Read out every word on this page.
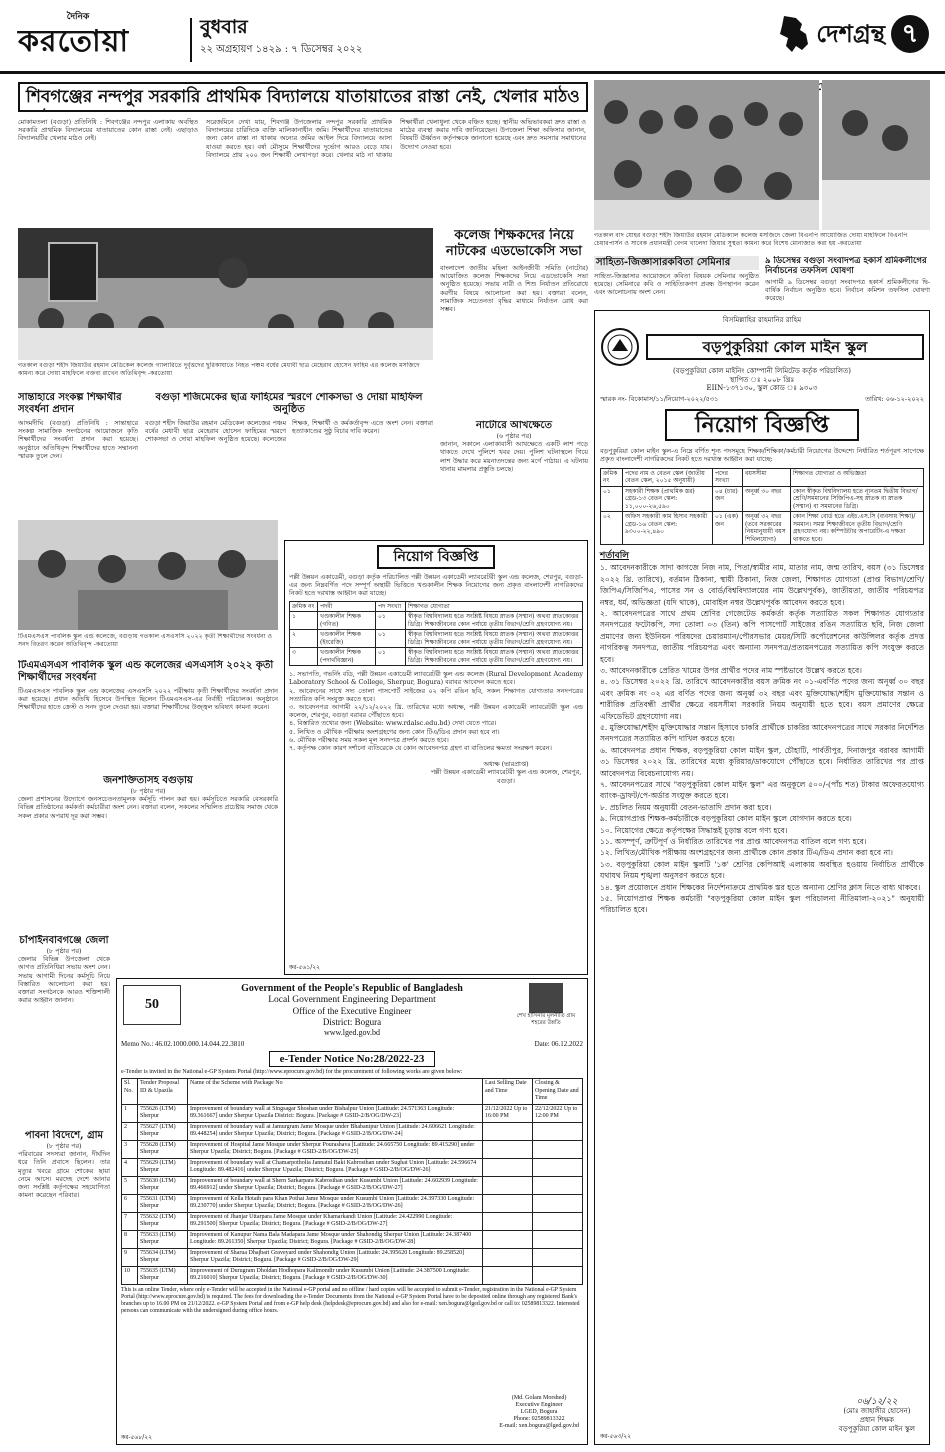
দৈনিক
করতোয়া	বুধবার
২২ অগ্রহায়ণ ১৪২৯ : ৭ ডিসেম্বর ২০২২
দেশগ্রন্থ ৭
শিবগঞ্জের নন্দপুর সরকারি প্রাথমিক বিদ্যালয়ে যাতায়াতের রাস্তা নেই, খেলার মাঠও
মোকামতলা (বগুড়া) প্রতিনিধি : শিবগঞ্জের নন্দপুর এলাকায় অবস্থিত সরকারি প্রাথমিক বিদ্যালয়ের যাতায়াতের কোন রাস্তা নেই। এছাড়াও বিদ্যালয়টির খেলার মাঠও নেই।
সরেজমিনে দেখা যায়, শিবগঞ্জ উপজেলার নন্দপুর সরকারি প্রাথমিক বিদ্যালয়ের চারিদিকে ব্যক্তি মালিকানাধীন জমি। শিক্ষার্থীদের যাতায়াতের জন্য কোন রাস্তা না থাকায় অন্যের জমির আইল দিয়ে বিদ্যালয়ে আসা যাওয়া করতে হয়। বর্ষা মৌসুমে শিক্ষার্থীদের দুর্ভোগ আরও বেড়ে যায়। বিদ্যালয়ে প্রায় ২০০ জন শিক্ষার্থী লেখাপড়া করে। খেলার মাঠ না থাকায় শিক্ষার্থীরা খেলাধুলা থেকে বঞ্চিত হচ্ছে। স্থানীয় অভিভাবকরা দ্রুত রাস্তা ও মাঠের ব্যবস্থা করার দাবি জানিয়েছেন। উপজেলা শিক্ষা অফিসার জানান, বিষয়টি ঊর্ধ্বতন কর্তৃপক্ষকে জানানো হয়েছে এবং দ্রুত সমস্যার সমাধানের উদ্যোগ নেওয়া হবে।
গতকাল বগুড়া শহীদ জিয়াউর রহমান মেডিকেল কলেজ গ্যালারিতে দুর্বৃত্তদের ছুরিকাঘাতে নিহত পঞ্চম বর্ষের মেধাবী ছাত্র মেহেরাব হোসেন ফাহিম এর কলেজ মসজিদে কামনা করে দোয়া মাহফিলে বক্তব্য রাখেন অতিথিবৃন্দ -করতোয়া
কলেজ শিক্ষকদের নিয়ে নাটকের এডভোকেসি সভা
বাংলাদেশ জাতীয় মহিলা আইনজীবী সমিতি (নাটোর) আয়োজিত কলেজ শিক্ষকদের নিয়ে এডভোকেসি সভা অনুষ্ঠিত হয়েছে। সভায় নারী ও শিশু নির্যাতন প্রতিরোধে করণীয় বিষয়ে আলোচনা করা হয়। বক্তারা বলেন, সামাজিক সচেতনতা বৃদ্ধির মাধ্যমে নির্যাতন রোধ করা সম্ভব।
সান্তাহারে সংকল্প শিক্ষার্থীর সংবর্ধনা প্রদান
আদমদীঘি (বগুড়া) প্রতিনিধি : সান্তাহারে সংকল্প সামাজিক সংগঠনের আয়োজনে কৃতি শিক্ষার্থীদের সংবর্ধনা প্রদান করা হয়েছে। অনুষ্ঠানে অতিথিবৃন্দ শিক্ষার্থীদের হাতে সম্মাননা স্মারক তুলে দেন।
বগুড়া শজিমেকের ছাত্র ফাহিমের স্মরণে শোকসভা ও দোয়া মাহফিল অনুষ্ঠিত
বগুড়া শহীদ জিয়াউর রহমান মেডিকেল কলেজের পঞ্চম বর্ষের মেধাবী ছাত্র মেহেরাব হোসেন ফাহিমের স্মরণে শোকসভা ও দোয়া মাহফিল অনুষ্ঠিত হয়েছে। কলেজের শিক্ষক, শিক্ষার্থী ও কর্মকর্তাবৃন্দ এতে অংশ নেন। বক্তারা হত্যাকাণ্ডের সুষ্ঠু বিচার দাবি করেন।
নাটোরে আখক্ষেতে
(৬ পৃষ্ঠার পর)
জানান, সকালে এলাকাবাসী আখক্ষেতে একটি লাশ পড়ে থাকতে দেখে পুলিশে খবর দেয়। পুলিশ ঘটনাস্থলে গিয়ে লাশ উদ্ধার করে ময়নাতদন্তের জন্য মর্গে পাঠায়। এ ঘটনায় থানায় মামলার প্রস্তুতি চলছে।
টিএমএসএস পাবলিক স্কুল এন্ড কলেজে, বগুড়ায় গতকাল এসএসসি ২০২২ কৃতী শিক্ষার্থীদের সংবর্ধনা ও সনদ বিতরণ করেন অতিথিবৃন্দ -করতোয়া
টিএমএসএস পাবলিক স্কুল এন্ড কলেজের এসএসসি ২০২২ কৃতী শিক্ষার্থীদের সংবর্ধনা
টিএমএসএস পাবলিক স্কুল এন্ড কলেজের এসএসসি ২০২২ পরীক্ষায় কৃতী শিক্ষার্থীদের সংবর্ধনা প্রদান করা হয়েছে। প্রধান অতিথি হিসেবে উপস্থিত ছিলেন টিএমএসএস-এর নির্বাহী পরিচালক। অনুষ্ঠানে শিক্ষার্থীদের হাতে ক্রেস্ট ও সনদ তুলে দেওয়া হয়। বক্তারা শিক্ষার্থীদের উজ্জ্বল ভবিষ্যৎ কামনা করেন।
জনশক্তিতাসহ বগুড়ায়
(৮ পৃষ্ঠার পর)
জেলা প্রশাসনের উদ্যোগে জনসচেতনতামূলক কর্মসূচি পালন করা হয়। কর্মসূচিতে সরকারি বেসরকারি বিভিন্ন প্রতিষ্ঠানের কর্মকর্তা কর্মচারীরা অংশ নেন। বক্তারা বলেন, সকলের সম্মিলিত প্রচেষ্টায় সমাজ থেকে সকল প্রকার অপরাধ দূর করা সম্ভব।
চাঁপাইনবাবগঞ্জে জেলা
(৮ পৃষ্ঠার পর)
জেলার বিভিন্ন উপজেলা থেকে আগত প্রতিনিধিরা সভায় অংশ নেন। সভায় আগামী দিনের কর্মসূচি নিয়ে বিস্তারিত আলোচনা করা হয়। বক্তারা সংগঠনকে আরও শক্তিশালী করার আহ্বান জানান।
পাবনা বিদেশে, গ্রাম
(৮ পৃষ্ঠার পর)
পরিবারের সদস্যরা জানান, দীর্ঘদিন ধরে তিনি প্রবাসে ছিলেন। তার মৃত্যুর খবরে গ্রামে শোকের ছায়া নেমে আসে। মরদেহ দেশে আনার জন্য সংশ্লিষ্ট কর্তৃপক্ষের সহযোগিতা কামনা করেছেন পরিবার।
নিয়োগ বিজ্ঞপ্তি
পল্লী উন্নয়ন একাডেমী, বগুড়া কর্তৃক পরিচালিত পল্লী উন্নয়ন একাডেমী ল্যাবরেটরী স্কুল এন্ড কলেজ, শেরপুর, বগুড়া-এর জন্য নিম্নবর্ণিত পদে সম্পূর্ণ অস্থায়ী ভিত্তিতে খণ্ডকালীন শিক্ষক নিয়োগের জন্য প্রকৃত বাংলাদেশী নাগরিকদের নিকট হতে দরখাস্ত আহ্বান করা যাচ্ছে।
ক্রমিক নং	পদবী	পদ সংখ্যা	শিক্ষাগত যোগ্যতা
১	খণ্ডকালীন শিক্ষক (গণিত)	০১	স্বীকৃত বিশ্ববিদ্যালয় হতে সংশ্লিষ্ট বিষয়ে স্নাতক (সম্মান) অথবা স্নাতকোত্তর ডিগ্রি। শিক্ষাজীবনের কোন পর্যায়ে তৃতীয় বিভাগ/শ্রেণি গ্রহণযোগ্য নয়।
২	খণ্ডকালীন শিক্ষক (ইংরেজি)	০১	স্বীকৃত বিশ্ববিদ্যালয় হতে সংশ্লিষ্ট বিষয়ে স্নাতক (সম্মান) অথবা স্নাতকোত্তর ডিগ্রি। শিক্ষাজীবনের কোন পর্যায়ে তৃতীয় বিভাগ/শ্রেণি গ্রহণযোগ্য নয়।
৩	খণ্ডকালীন শিক্ষক (পদার্থবিজ্ঞান)	০১	স্বীকৃত বিশ্ববিদ্যালয় হতে সংশ্লিষ্ট বিষয়ে স্নাতক (সম্মান) অথবা স্নাতকোত্তর ডিগ্রি। শিক্ষাজীবনের কোন পর্যায়ে তৃতীয় বিভাগ/শ্রেণি গ্রহণযোগ্য নয়।
১. সভাপতি, গভর্নিং বডি, পল্লী উন্নয়ন একাডেমী ল্যাবরেটরী স্কুল এন্ড কলেজ (Rural Development Academy Laboratory School & College, Sherpur, Bogura) বরাবর আবেদন করতে হবে।
২. আবেদনের সাথে সদ্য তোলা পাসপোর্ট সাইজের ০২ কপি রঙিন ছবি, সকল শিক্ষাগত যোগ্যতার সনদপত্রের সত্যায়িত কপি সংযুক্ত করতে হবে।
৩. আবেদনপত্র আগামী ২২/১২/২০২২ খ্রি. তারিখের মধ্যে অধ্যক্ষ, পল্লী উন্নয়ন একাডেমী ল্যাবরেটরী স্কুল এন্ড কলেজ, শেরপুর, বগুড়া বরাবর পৌঁছাতে হবে।
৪. বিস্তারিত তথ্যের জন্য (Website: www.rdalsc.edu.bd) দেখা যেতে পারে।
৫. লিখিত ও মৌখিক পরীক্ষায় অংশগ্রহণের জন্য কোন টিএ/ডিএ প্রদান করা হবে না।
৬. মৌখিক পরীক্ষার সময় সকল মূল সনদপত্র প্রদর্শন করতে হবে।
৭. কর্তৃপক্ষ কোন কারণ দর্শানো ব্যতিরেকে যে কোন আবেদনপত্র গ্রহণ বা বাতিলের ক্ষমতা সংরক্ষণ করেন।
অধ্যক্ষ (ভারপ্রাপ্ত)
পল্লী উন্নয়ন একাডেমী ল্যাবরেটরী স্কুল এন্ড কলেজ, শেরপুর, বগুড়া।
কর-৫৬১/২২
50
শেখ হাসিনার মূলনীতি গ্রাম শহরের উন্নতি
Government of the People's Republic of Bangladesh
Local Government Engineering Department
Office of the Executive Engineer
District: Bogura
www.lged.gov.bd
Memo No.: 46.02.1000.000.14.044.22.3810	Date: 06.12.2022
e-Tender Notice No:28/2022-23
e-Tender is invited in the National e-GP System Portal (http://www.eprocure.gov.bd) for the procurement of following works are given below:
Sl. No.	Tender Proposal ID & Upazila	Name of the Scheme with Package No	Last Selling Date and Time	Closing & Opening Date and Time
1	755626 (LTM) Sherpur	Improvement of boundary wall at Singsagar Shoshan under Bishalpur Union [Latitude: 24.571363 Longitude: 89.361667] under Sherpur Upazila District: Bogura. [Package # GSID-2/B/OG/DW-23]	21/12/2022 Up to 16:00 PM	22/12/2022 Up to 12:00 PM
2	755627 (LTM) Sherpur	Improvement of boundary wall at Jamurgram Jame Mosque under Bhabanipur Union [Latitude: 24.606621 Longitude: 89.448254] under Sherpur Upazila; District; Bogura. [Package # GSID-2/B/OG/DW-24]		
3	755628 (LTM) Sherpur	Improvement of Hospital Jame Mosque under Sherpur Pourashava [Latitude: 24.665750 Longitude: 89.415290] under Sherpur Upazila; District; Bogura. [Package # GSID-2/B/OG/DW-25]		
4	755629 (LTM) Sherpur	Improvement of boundary wall at Chamarpotholia Jannatul Baki Kabrosthan under Sughat Union [Latitude: 24.596674 Longitude: 89.482416] under Sherpur Upazila; District; Bogura. [Package # GSID-2/B/OG/DW-26]		
5	755630 (LTM) Sherpur	Improvement of boundary wall at Shern Sarkarpara Kabrosthan under Kusumbi Union [Latitude: 24.602939 Longitude: 89.466912] under Sherpur Upazila; District; Bogura. [Package # GSID-2/B/OG/DW-27]		
6	755631 (LTM) Sherpur	Improvement of Kella Hotath para Khan Pothai Jame Mosque under Kusumbi Union [Latitude: 24.397330 Longitude: 89.230770] under Sherpur Upazila; District; Bogura. [Package # GSID-2/B/OG/DW-26]		
7	755632 (LTM) Sherpur	Improvement of Jhanjar Uttarpara Jame Mosque under Khamarkandi Union [Latitude: 24.422990 Longitude: 89.291500] Sherpur Upazila; District; Bogura. [Package # GSID-2/B/OG/DW-27]		
8	755633 (LTM) Sherpur	Improvement of Kanupur Nama Bala Madapara Jame Mosque under Shahondig Sherpur Union [Latitude: 24.387400 Longitude: 89.261350] Sherpur Upazila; District; Bogura. [Package # GSID-2/B/OG/DW-28]		
9	755634 (LTM) Sherpur	Improvement of Sharua Dhajbari Graveyard under Shahondig Union [Latitude: 24.395620 Longitude: 89.258520] Sherpur Upazila; District; Bogura. [Package # GSID-2/B/OG/DW-29]		
10	755635 (LTM) Sherpur	Improvement of Durugram Dholdan Hodhopara Kalimondir under Kusumbi Union [Latitude: 24.387500 Longitude: 89.216010] Sherpur Upazila; District; Bogura. [Package # GSID-2/B/OG/DW-30]		
This is an online Tender, where only e-Tender will be accepted in the National e-GP portal and no offline / hard copies will be accepted to submit e-Tender, registration in the National e-GP System Portal (http://www.eprocure.gov.bd) is required. The fees for downloading the e-Tender Documents from the National e-GP System Portal have to be deposited online through any registered Bank's branches up to 16.00 PM on 21/12/2022. e-GP System Portal and from e-GP help desk (helpdesk@eprocure.gov.bd) and also for e-mail: xen.bogura@lged.gov.bd or call to: 02589813322. Interested persons can communicate with the undersigned during office hours.
(Md. Golam Morshed)
Executive Engineer
LGED, Bogura
Phone: 02589813322
E-mail: xen.bogura@lged.gov.bd
কর-৫৬৮/২২
গতকাল বাদ যোহর বগুড়া শহীদ জিয়াউর রহমান মেডিক্যাল কলেজ মসজিদে জেলা বিএনপি আয়োজিত দোয়া মাহফিলে বিএনপি চেয়ারপার্সন ও সাবেক প্রধানমন্ত্রী বেগম খালেদা জিয়ার সুস্থতা কামনা করে বিশেষ মোনাজাত করা হয় -করতোয়া
সাহিত্য-জিজ্ঞাসারকবিতা সেমিনার
সাহিত্য-জিজ্ঞাসার আয়োজনে কবিতা বিষয়ক সেমিনার অনুষ্ঠিত হয়েছে। সেমিনারে কবি ও সাহিত্যিকগণ প্রবন্ধ উপস্থাপন করেন এবং আলোচনায় অংশ নেন।
৯ ডিসেম্বর বগুড়া সংবাদপত্র হকার্স শ্রমিকলীগের নির্বাচনের তফসিল ঘোষণা
আগামী ৯ ডিসেম্বর বগুড়া সংবাদপত্র হকার্স শ্রমিকলীগের দ্বি-বার্ষিক নির্বাচন অনুষ্ঠিত হবে। নির্বাচন কমিশন তফসিল ঘোষণা করেছে।
বিসমিল্লাহির রাহমানির রাহিম
বড়পুকুরিয়া কোল মাইন স্কুল
(বড়পুকুরিয়া কোল মাইনিং কোম্পানী লিমিটেড কর্তৃক পরিচালিত)
স্থাপিত ঃ ২০০৮ খ্রিঃ
EIIN-১৩৭১৩০, স্কুল কোড ঃ ৯৩০৩
স্মারক নং- বিকোমাস/১১/নিয়োগ-২০২২/৫৩১	তারিখ: ০৬-১২-২০২২
নিয়োগ বিজ্ঞপ্তি
বড়পুকুরিয়া কোল মাইন স্কুল-এ নিম্নে বর্ণিত শূন্য পদসমূহে শিক্ষক/শিক্ষিকা/কর্মচারী নিয়োগের উদ্দেশ্যে নির্ধারিত শর্তপূরণ সাপেক্ষে প্রকৃত বাংলাদেশী নাগরিকদের নিকট হতে দরখাস্ত আহ্বান করা যাচ্ছে:
ক্রমিক নং	পদের নাম ও বেতন স্কেল (জাতীয় বেতন স্কেল, ২০১৫ অনুযায়ী)	পদের সংখ্যা	বয়সসীমা	শিক্ষাগত যোগ্যতা ও অভিজ্ঞতা
০১	সহকারী শিক্ষক (প্রাথমিক স্তর) গ্রেড-১৩ বেতন স্কেল: ১১,০০০-২৬,৫৯০	০৪ (চার) জন	অনূর্ধ্ব ৩০ বছর	কোন স্বীকৃত বিশ্ববিদ্যালয় হতে ন্যূনতম দ্বিতীয় বিভাগ/শ্রেণি/সমমানের সিজিপিএ-সহ স্নাতক বা স্নাতক (সম্মান) বা সমমানের ডিগ্রি।
০২	অফিস সহকারী কাম হিসাব সহকারী গ্রেড-১৬ বেতন স্কেল: ৯৩০০-২২,৪৯০	০১ (এক) জন	অনূর্ধ্ব ৩২ বছর (তবে সরকারের নিয়মানুযায়ী বয়স শিথিলযোগ্য)	কোন শিক্ষা বোর্ড হতে এইচ.এস.সি (ব্যবসায় শিক্ষা)/সমমান। সমস্ত শিক্ষাজীবনে তৃতীয় বিভাগ/শ্রেণি গ্রহণযোগ্য নয়। কম্পিউটার অপারেটিং-এ দক্ষতা থাকতে হবে।
শর্তাবলি
১. আবেদনকারীকে সাদা কাগজে নিজ নাম, পিতা/স্বামীর নাম, মাতার নাম, জন্ম তারিখ, বয়স (৩১ ডিসেম্বর ২০২২ খ্রি. তারিখে), বর্তমান ঠিকানা, স্থায়ী ঠিকানা, নিজ জেলা, শিক্ষাগত যোগ্যতা (প্রাপ্ত বিভাগ/শ্রেণি/জিপিএ/সিজিপিএ, পাসের সন ও বোর্ড/বিশ্ববিদ্যালয়ের নাম উল্লেখপূর্বক), জাতীয়তা, জাতীয় পরিচয়পত্র নম্বর, ধর্ম, অভিজ্ঞতা (যদি থাকে), মোবাইল নম্বর উল্লেখপূর্বক আবেদন করতে হবে।
২. আবেদনপত্রের সাথে প্রথম শ্রেণির গেজেটেড কর্মকর্তা কর্তৃক সত্যায়িত সকল শিক্ষাগত যোগ্যতার সনদপত্রের ফটোকপি, সদ্য তোলা ০৩ (তিন) কপি পাসপোর্ট সাইজের রঙিন সত্যায়িত ছবি, নিজ জেলা প্রমাণের জন্য ইউনিয়ন পরিষদের চেয়ারম্যান/পৌরসভার মেয়র/সিটি কর্পোরেশনের কাউন্সিলর কর্তৃক প্রদত্ত নাগরিকত্ব সনদপত্র, জাতীয় পরিচয়পত্র এবং অন্যান্য সনদপত্র/প্রত্যয়নপত্রের সত্যায়িত কপি সংযুক্ত করতে হবে।
৩. আবেদনকারীকে প্রেরিত খামের উপর প্রার্থীর পদের নাম স্পষ্টভাবে উল্লেখ করতে হবে।
৪. ৩১ ডিসেম্বর ২০২২ খ্রি. তারিখে আবেদনকারীর বয়স ক্রমিক নং ০১-এবর্ণিত পদের জন্য অনূর্ধ্ব ৩০ বছর এবং ক্রমিক নং ০২ এর বর্ণিত পদের জন্য অনূর্ধ্ব ৩২ বছর এবং মুক্তিযোদ্ধা/শহীদ মুক্তিযোদ্ধার সন্তান ও শারীরিক প্রতিবন্ধী প্রার্থীর ক্ষেত্রে বয়সসীমা সরকারি নিয়ম অনুযায়ী হতে হবে। বয়স প্রমাণের ক্ষেত্রে এফিডেভিট গ্রহণযোগ্য নয়।
৫. মুক্তিযোদ্ধা/শহীদ মুক্তিযোদ্ধার সন্তান হিসাবে চাকরি প্রার্থীকে চাকরির আবেদনপত্রের সাথে সরকার নির্দেশিত সনদপত্রের সত্যায়িত কপি দাখিল করতে হবে।
৬. আবেদনপত্র প্রধান শিক্ষক, বড়পুকুরিয়া কোল মাইন স্কুল, চৌহাটি, পার্বতীপুর, দিনাজপুর বরাবর আগামী ৩১ ডিসেম্বর ২০২২ খ্রি. তারিখের মধ্যে কুরিয়ার/ডাকযোগে পৌঁছাতে হবে। নির্ধারিত তারিখের পর প্রাপ্ত আবেদনপত্র বিবেচনাযোগ্য নয়।
৭. আবেদনপত্রের সাথে "বড়পুকুরিয়া কোল মাইন স্কুল" এর অনুকূলে ৫০০/-(পাঁচ শত) টাকার অফেরতযোগ্য ব্যাংক-ড্রাফট/পে-অর্ডার সংযুক্ত করতে হবে।
৮. প্রচলিত নিয়ম অনুযায়ী বেতন-ভাতাদি প্রদান করা হবে।
৯. নিয়োগপ্রাপ্ত শিক্ষক-কর্মচারীকে বড়পুকুরিয়া কোল মাইন স্কুলে যোগদান করতে হবে।
১০. নিয়োগের ক্ষেত্রে কর্তৃপক্ষের সিদ্ধান্তই চূড়ান্ত বলে গণ্য হবে।
১১. অসম্পূর্ণ, ত্রুটিপূর্ণ ও নির্ধারিত তারিখের পর প্রাপ্ত আবেদনপত্র বাতিল বলে গণ্য হবে।
১২. লিখিত/মৌখিক পরীক্ষায় অংশগ্রহণের জন্য প্রার্থীকে কোন প্রকার টিএ/ডিএ প্রদান করা হবে না।
১৩. বড়পুকুরিয়া কোল মাইন স্কুলটি '১ক' শ্রেণির কেপিআই এলাকায় অবস্থিত হওয়ায় নির্বাচিত প্রার্থীকে যথাযথ নিয়ম শৃঙ্খলা অনুসরণ করতে হবে।
১৪. স্কুল প্রয়োজনে প্রধান শিক্ষকের নির্দেশনাক্রমে প্রাথমিক স্তর হতে অন্যান্য শ্রেণির ক্লাস নিতে বাধ্য থাকবে।
১৫. নিয়োগপ্রাপ্ত শিক্ষক কর্মচারী "বড়পুকুরিয়া কোল মাইন স্কুল পরিচালনা নীতিমালা-২০২১" অনুযায়ী পরিচালিত হবে।
০৬/১২/২২
(মোঃ জাহাঙ্গীর হোসেন)
প্রধান শিক্ষক
বড়পুকুরিয়া কোল মাইন স্কুল
কর-৫৬৩/২২
